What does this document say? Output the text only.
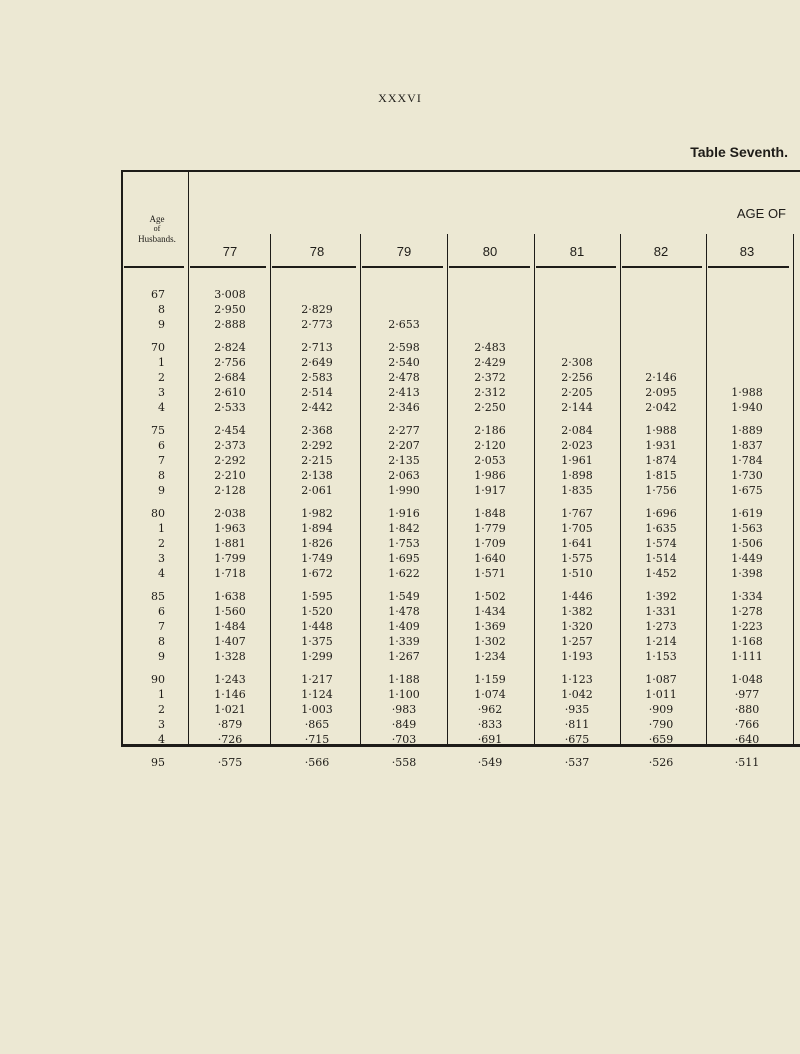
XXXVI
Table Seventh.
Age
of
Husbands.
AGE OF
77	78	79	80	81	82	83
67	3·008
8	2·950	2·829
9	2·888	2·773	2·653
70	2·824	2·713	2·598	2·483
1	2·756	2·649	2·540	2·429	2·308
2	2·684	2·583	2·478	2·372	2·256	2·146
3	2·610	2·514	2·413	2·312	2·205	2·095	1·988
4	2·533	2·442	2·346	2·250	2·144	2·042	1·940
75	2·454	2·368	2·277	2·186	2·084	1·988	1·889
6	2·373	2·292	2·207	2·120	2·023	1·931	1·837
7	2·292	2·215	2·135	2·053	1·961	1·874	1·784
8	2·210	2·138	2·063	1·986	1·898	1·815	1·730
9	2·128	2·061	1·990	1·917	1·835	1·756	1·675
80	2·038	1·982	1·916	1·848	1·767	1·696	1·619
1	1·963	1·894	1·842	1·779	1·705	1·635	1·563
2	1·881	1·826	1·753	1·709	1·641	1·574	1·506
3	1·799	1·749	1·695	1·640	1·575	1·514	1·449
4	1·718	1·672	1·622	1·571	1·510	1·452	1·398
85	1·638	1·595	1·549	1·502	1·446	1·392	1·334
6	1·560	1·520	1·478	1·434	1·382	1·331	1·278
7	1·484	1·448	1·409	1·369	1·320	1·273	1·223
8	1·407	1·375	1·339	1·302	1·257	1·214	1·168
9	1·328	1·299	1·267	1·234	1·193	1·153	1·111
90	1·243	1·217	1·188	1·159	1·123	1·087	1·048
1	1·146	1·124	1·100	1·074	1·042	1·011	·977
2	1·021	1·003	·983	·962	·935	·909	·880
3	·879	·865	·849	·833	·811	·790	·766
4	·726	·715	·703	·691	·675	·659	·640
95	·575	·566	·558	·549	·537	·526	·511
